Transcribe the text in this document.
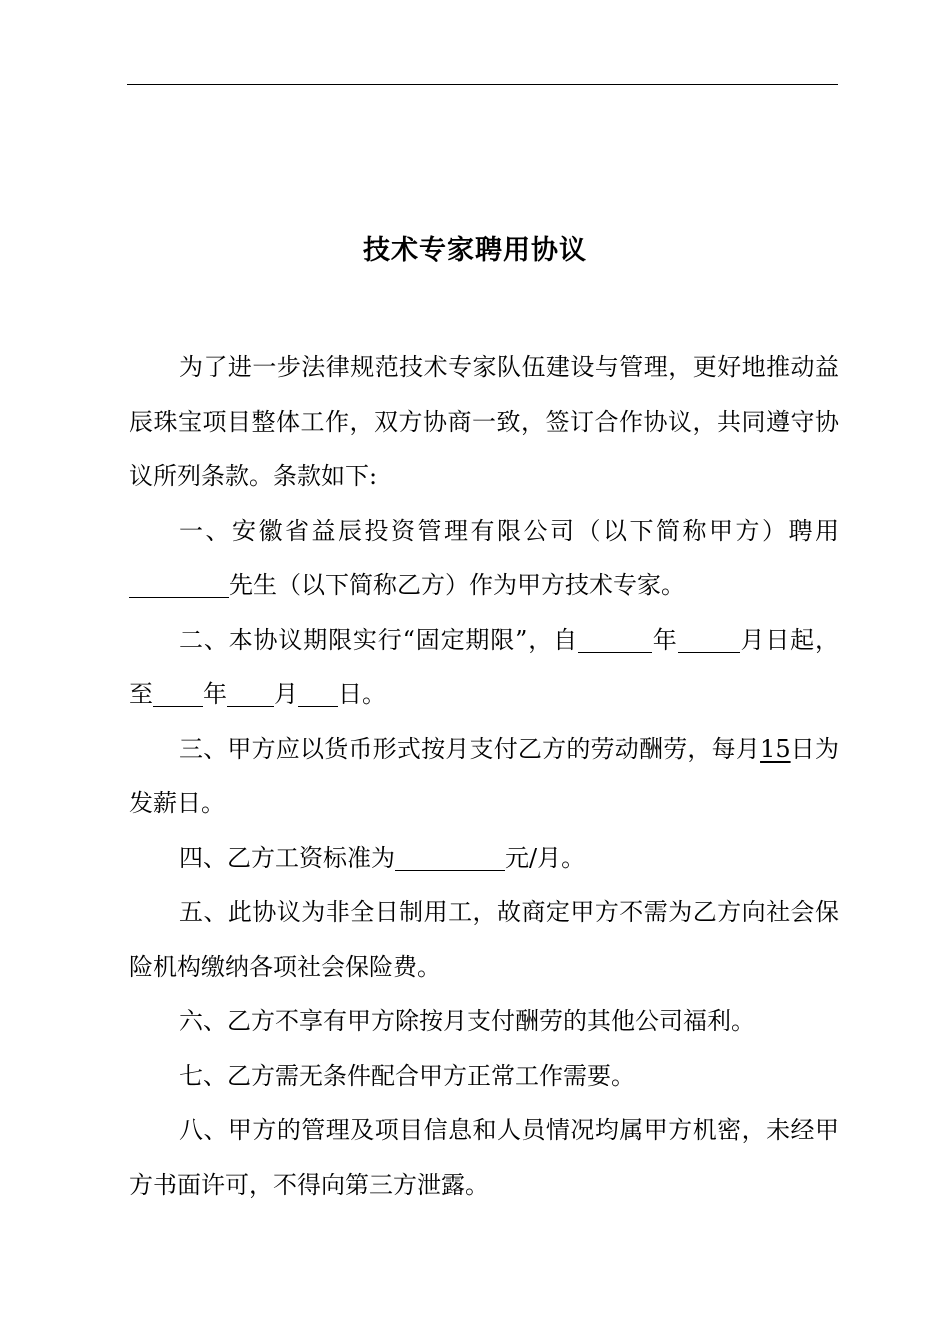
技术专家聘用协议

为了进一步法律规范技术专家队伍建设与管理，更好地推动益辰珠宝项目整体工作，双方协商一致，签订合作协议，共同遵守协议所列条款。条款如下:

一、安徽省益辰投资管理有限公司（以下简称甲方）聘用先生（以下简称乙方）作为甲方技术专家。

二、本协议期限实行“固定期限”，自	年	月日起，至 年 月 日。

三、甲方应以货币形式按月支付乙方的劳动酬劳，每月15日为发薪日。

四、乙方工资标准为	元/月。

五、此协议为非全日制用工，故商定甲方不需为乙方向社会保险机构缴纳各项社会保险费。

六、乙方不享有甲方除按月支付酬劳的其他公司福利。

七、乙方需无条件配合甲方正常工作需要。

八、甲方的管理及项目信息和人员情况均属甲方机密，未经甲方书面许可，不得向第三方泄露。
